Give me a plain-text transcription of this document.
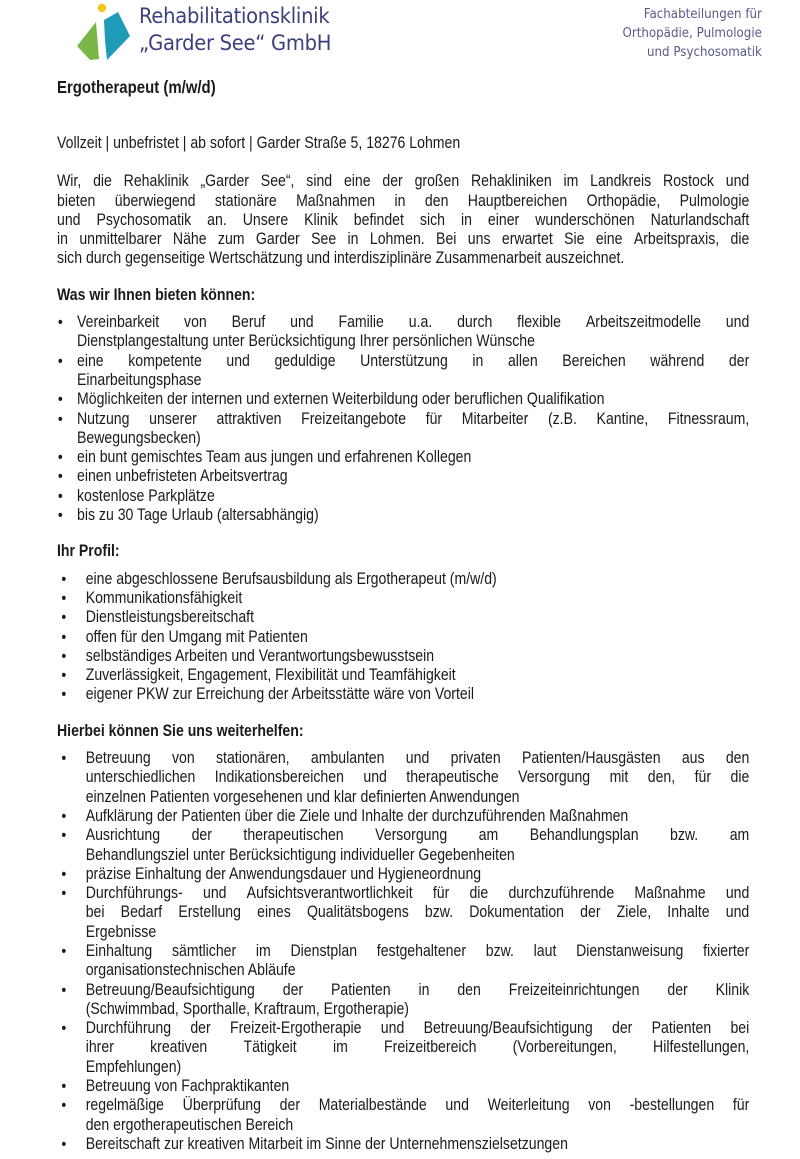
Rehabilitationsklinik
„Garder See“ GmbH
Fachabteilungen für
Orthopädie, Pulmologie
und Psychosomatik
Ergotherapeut (m/w/d)
Vollzeit | unbefristet | ab sofort | Garder Straße 5, 18276 Lohmen
Wir, die Rehaklinik „Garder See“, sind eine der großen Rehakliniken im Landkreis Rostock und
bieten überwiegend stationäre Maßnahmen in den Hauptbereichen Orthopädie, Pulmologie
und Psychosomatik an. Unsere Klinik befindet sich in einer wunderschönen Naturlandschaft
in unmittelbarer Nähe zum Garder See in Lohmen. Bei uns erwartet Sie eine Arbeitspraxis, die
sich durch gegenseitige Wertschätzung und interdisziplinäre Zusammenarbeit auszeichnet.
Was wir Ihnen bieten können:
• Vereinbarkeit von Beruf und Familie u.a. durch flexible Arbeitszeitmodelle und
Dienstplangestaltung unter Berücksichtigung Ihrer persönlichen Wünsche
• eine kompetente und geduldige Unterstützung in allen Bereichen während der
Einarbeitungsphase
• Möglichkeiten der internen und externen Weiterbildung oder beruflichen Qualifikation
• Nutzung unserer attraktiven Freizeitangebote für Mitarbeiter (z.B. Kantine, Fitnessraum,
Bewegungsbecken)
• ein bunt gemischtes Team aus jungen und erfahrenen Kollegen
• einen unbefristeten Arbeitsvertrag
• kostenlose Parkplätze
• bis zu 30 Tage Urlaub (altersabhängig)
Ihr Profil:
• eine abgeschlossene Berufsausbildung als Ergotherapeut (m/w/d)
• Kommunikationsfähigkeit
• Dienstleistungsbereitschaft
• offen für den Umgang mit Patienten
• selbständiges Arbeiten und Verantwortungsbewusstsein
• Zuverlässigkeit, Engagement, Flexibilität und Teamfähigkeit
• eigener PKW zur Erreichung der Arbeitsstätte wäre von Vorteil
Hierbei können Sie uns weiterhelfen:
• Betreuung von stationären, ambulanten und privaten Patienten/Hausgästen aus den
unterschiedlichen Indikationsbereichen und therapeutische Versorgung mit den, für die
einzelnen Patienten vorgesehenen und klar definierten Anwendungen
• Aufklärung der Patienten über die Ziele und Inhalte der durchzuführenden Maßnahmen
• Ausrichtung der therapeutischen Versorgung am Behandlungsplan bzw. am
Behandlungsziel unter Berücksichtigung individueller Gegebenheiten
• präzise Einhaltung der Anwendungsdauer und Hygieneordnung
• Durchführungs- und Aufsichtsverantwortlichkeit für die durchzuführende Maßnahme und
bei Bedarf Erstellung eines Qualitätsbogens bzw. Dokumentation der Ziele, Inhalte und
Ergebnisse
• Einhaltung sämtlicher im Dienstplan festgehaltener bzw. laut Dienstanweisung fixierter
organisationstechnischen Abläufe
• Betreuung/Beaufsichtigung der Patienten in den Freizeiteinrichtungen der Klinik
(Schwimmbad, Sporthalle, Kraftraum, Ergotherapie)
• Durchführung der Freizeit-Ergotherapie und Betreuung/Beaufsichtigung der Patienten bei
ihrer kreativen Tätigkeit im Freizeitbereich (Vorbereitungen, Hilfestellungen,
Empfehlungen)
• Betreuung von Fachpraktikanten
• regelmäßige Überprüfung der Materialbestände und Weiterleitung von -bestellungen für
den ergotherapeutischen Bereich
• Bereitschaft zur kreativen Mitarbeit im Sinne der Unternehmenszielsetzungen
